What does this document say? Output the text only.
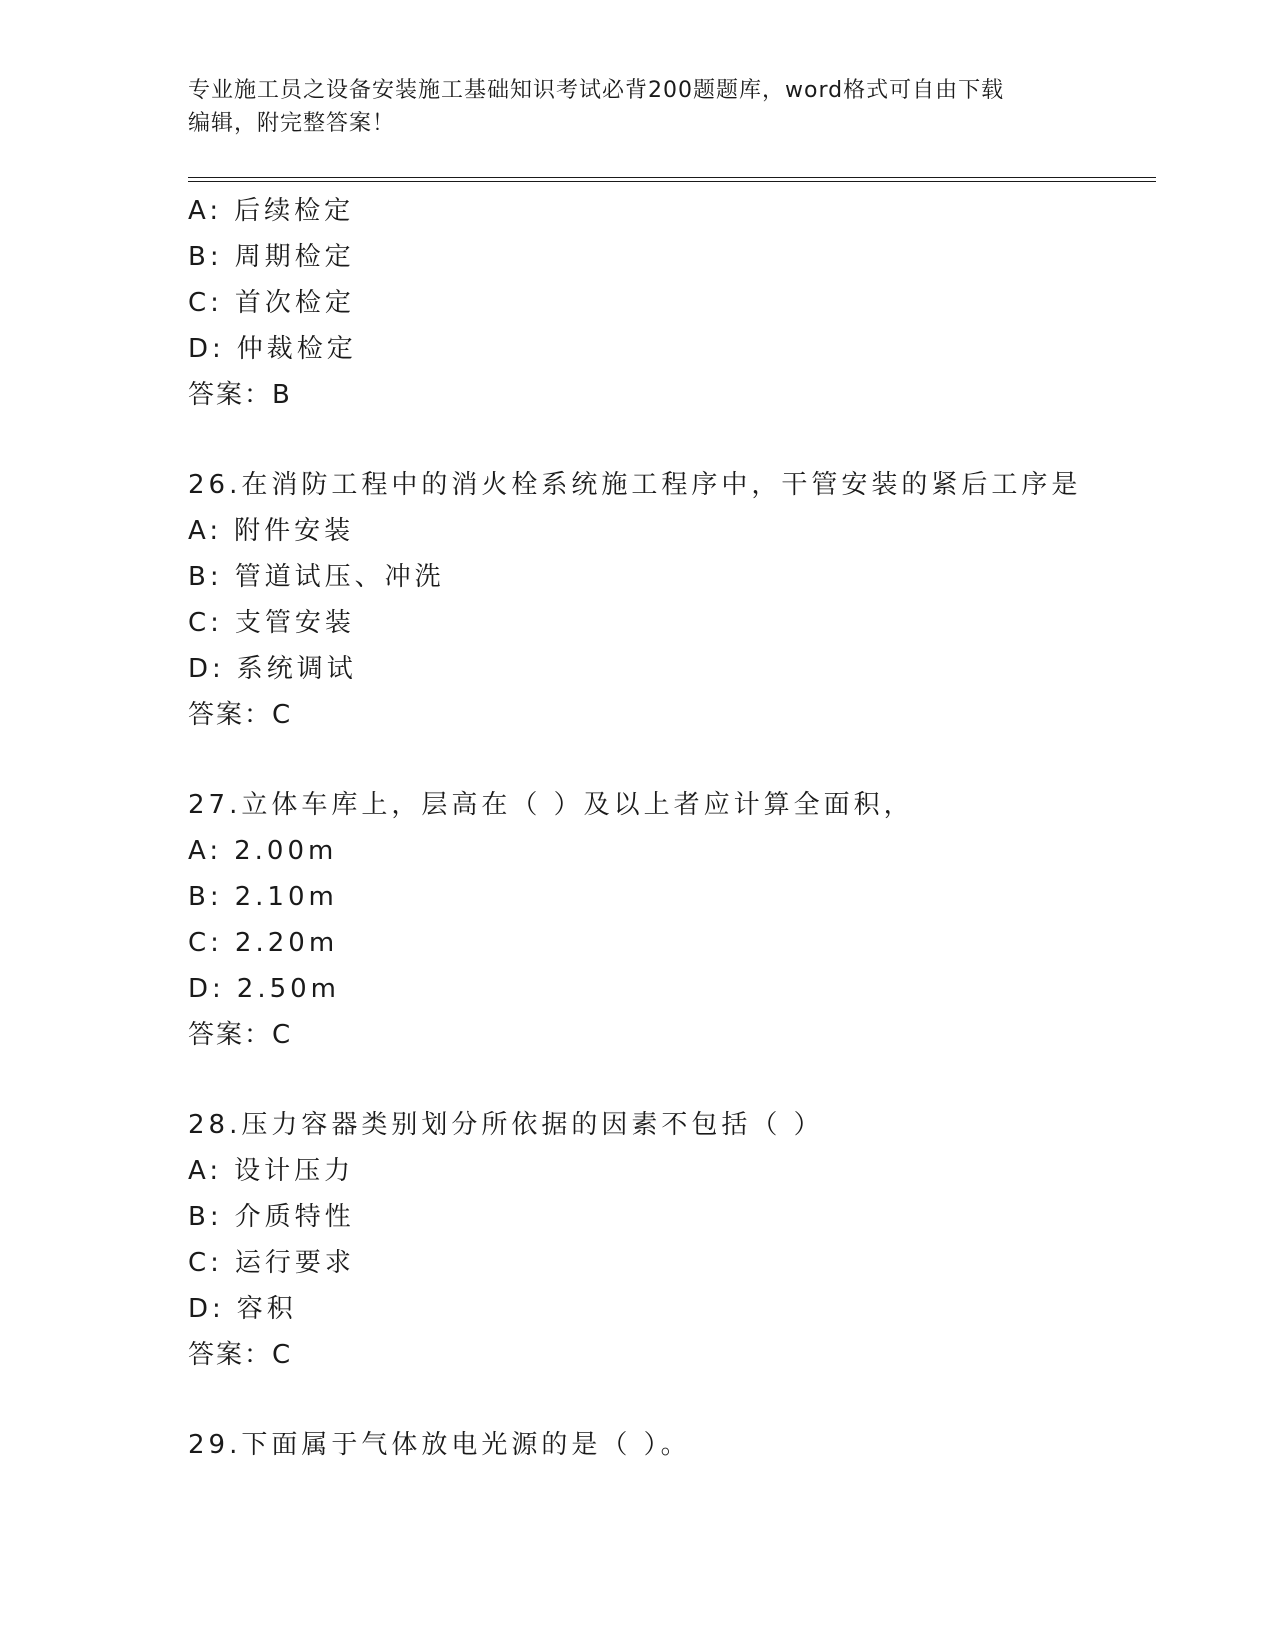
专业施工员之设备安装施工基础知识考试必背200题题库，word格式可自由下载
编辑，附完整答案！
A: 后续检定
B: 周期检定
C: 首次检定
D: 仲裁检定
答案：B
26.在消防工程中的消火栓系统施工程序中，干管安装的紧后工序是
A: 附件安装
B: 管道试压、冲洗
C: 支管安装
D: 系统调试
答案：C
27.立体车库上，层高在（ ）及以上者应计算全面积，
A: 2.00m
B: 2.10m
C: 2.20m
D: 2.50m
答案：C
28.压力容器类别划分所依据的因素不包括（ ）
A: 设计压力
B: 介质特性
C: 运行要求
D: 容积
答案：C
29.下面属于气体放电光源的是（ ）。
